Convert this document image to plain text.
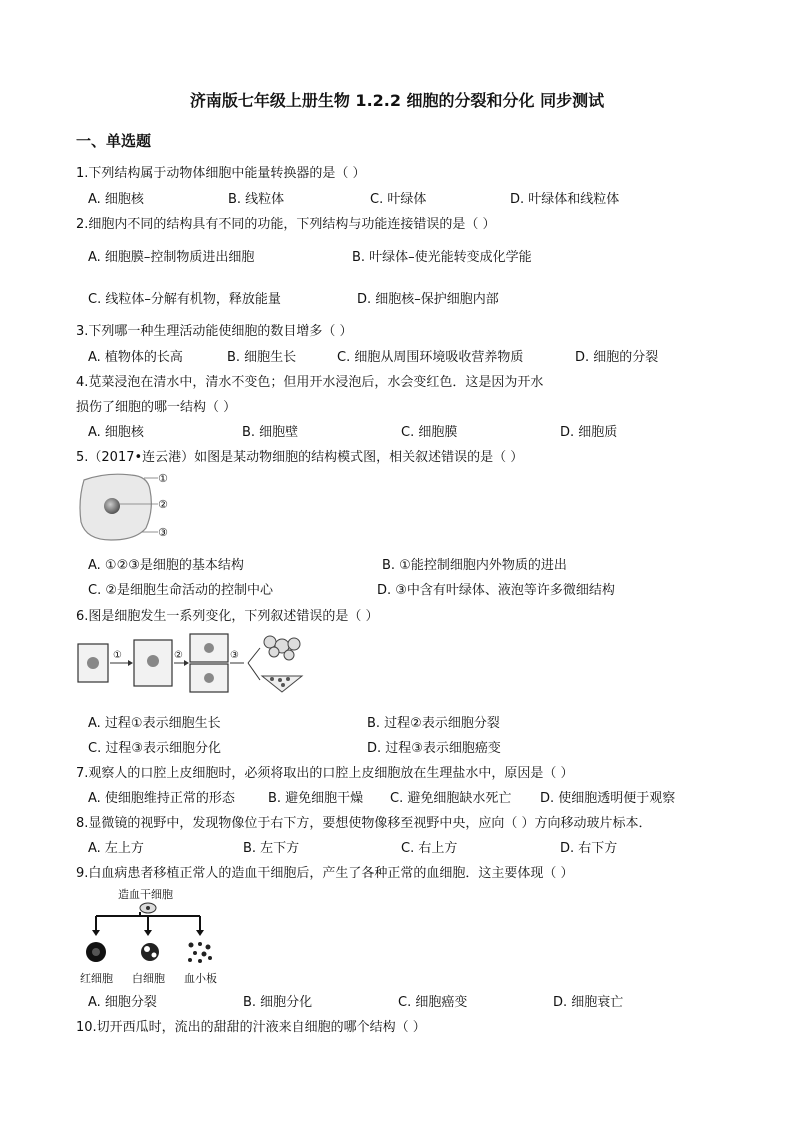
济南版七年级上册生物 1.2.2 细胞的分裂和分化 同步测试
一、单选题
1.下列结构属于动物体细胞中能量转换器的是（ ）
A. 细胞核	B. 线粒体	C. 叶绿体	D. 叶绿体和线粒体
2.细胞内不同的结构具有不同的功能，下列结构与功能连接错误的是（ ）
A. 细胞膜–控制物质进出细胞	B. 叶绿体–使光能转变成化学能
C. 线粒体–分解有机物，释放能量	D. 细胞核–保护细胞内部
3.下列哪一种生理活动能使细胞的数目增多（ ）
A. 植物体的长高	B. 细胞生长	C. 细胞从周围环境吸收营养物质	D. 细胞的分裂
4.苋菜浸泡在清水中，清水不变色；但用开水浸泡后，水会变红色．这是因为开水
损伤了细胞的哪一结构（ ）
A. 细胞核	B. 细胞壁	C. 细胞膜	D. 细胞质
5.（2017•连云港）如图是某动物细胞的结构模式图，相关叙述错误的是（ ）
①
②
③
A. ①②③是细胞的基本结构	B. ①能控制细胞内外物质的进出
C. ②是细胞生命活动的控制中心	D. ③中含有叶绿体、液泡等许多微细结构
6.图是细胞发生一系列变化，下列叙述错误的是（ ）
①	②	③
A. 过程①表示细胞生长	B. 过程②表示细胞分裂
C. 过程③表示细胞分化	D. 过程③表示细胞癌变
7.观察人的口腔上皮细胞时，必须将取出的口腔上皮细胞放在生理盐水中，原因是（ ）
A. 使细胞维持正常的形态	B. 避免细胞干燥 C. 避免细胞缺水死亡 D. 使细胞透明便于观察
8.显微镜的视野中，发现物像位于右下方，要想使物像移至视野中央，应向（ ）方向移动玻片标本．
A. 左上方	B. 左下方	C. 右上方	D. 右下方
9.白血病患者移植正常人的造血干细胞后，产生了各种正常的血细胞．这主要体现（ ）
造血干细胞
红细胞 白细胞 血小板
A. 细胞分裂	B. 细胞分化	C. 细胞癌变	D. 细胞衰亡
10.切开西瓜时，流出的甜甜的汁液来自细胞的哪个结构（ ）
